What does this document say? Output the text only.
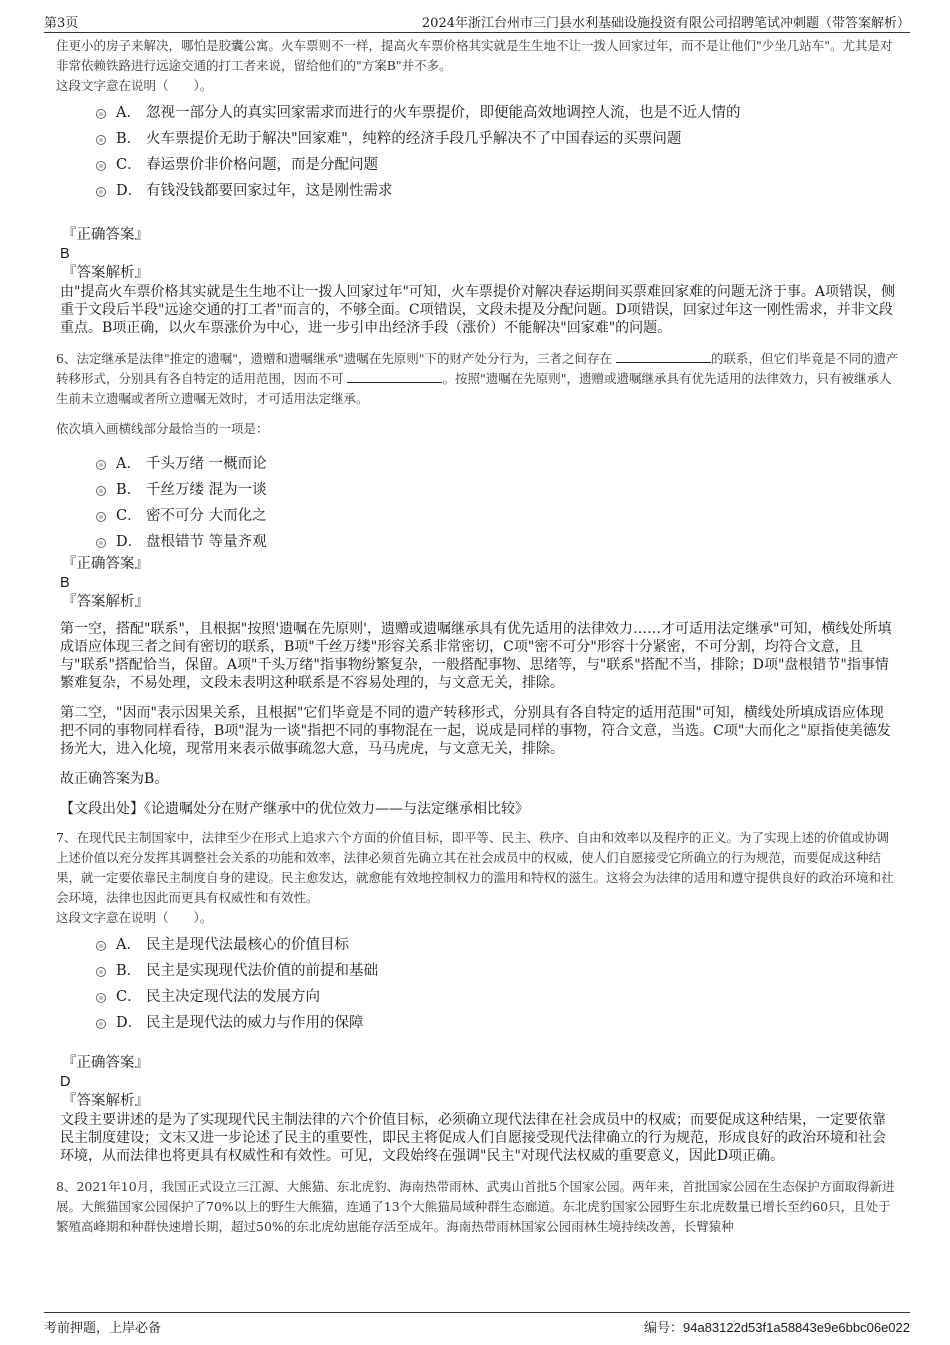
第3页	2024年浙江台州市三门县水利基础设施投资有限公司招聘笔试冲刺题（带答案解析）

住更小的房子来解决，哪怕是胶囊公寓。火车票则不一样，提高火车票价格其实就是生生地不让一拨人回家过年，而不是让他们"少坐几站车"。尤其是对非常依赖铁路进行远途交通的打工者来说，留给他们的"方案B"并不多。

这段文字意在说明（　　）。

A． 忽视一部分人的真实回家需求而进行的火车票提价，即便能高效地调控人流，也是不近人情的
B． 火车票提价无助于解决"回家难"，纯粹的经济手段几乎解决不了中国春运的买票问题
C． 春运票价非价格问题，而是分配问题
D． 有钱没钱都要回家过年，这是刚性需求

『正确答案』

B

『答案解析』

由"提高火车票价格其实就是生生地不让一拨人回家过年"可知，火车票提价对解决春运期间买票难回家难的问题无济于事。A项错误，侧重于文段后半段"远途交通的打工者"而言的，不够全面。C项错误，文段未提及分配问题。D项错误，回家过年这一刚性需求，并非文段重点。B项正确，以火车票涨价为中心，进一步引申出经济手段（涨价）不能解决"回家难"的问题。

6、法定继承是法律"推定的遗嘱"，遗赠和遗嘱继承"遗嘱在先原则"下的财产处分行为，三者之间存在	的联系，但它们毕竟是不同的遗产转移形式，分别具有各自特定的适用范围，因而不可	。按照"遗嘱在先原则"，遗赠或遗嘱继承具有优先适用的法律效力，只有被继承人生前未立遗嘱或者所立遗嘱无效时，才可适用法定继承。

依次填入画横线部分最恰当的一项是：

A． 千头万绪 一概而论
B． 千丝万缕 混为一谈
C． 密不可分 大而化之
D． 盘根错节 等量齐观

『正确答案』

B

『答案解析』

第一空，搭配"联系"，且根据"按照'遗嘱在先原则'，遗赠或遗嘱继承具有优先适用的法律效力……才可适用法定继承"可知，横线处所填成语应体现三者之间有密切的联系，B项"千丝万缕"形容关系非常密切，C项"密不可分"形容十分紧密，不可分割，均符合文意，且与"联系"搭配恰当，保留。A项"千头万绪"指事物纷繁复杂，一般搭配事物、思绪等，与"联系"搭配不当，排除；D项"盘根错节"指事情繁难复杂，不易处理，文段未表明这种联系是不容易处理的，与文意无关，排除。

第二空，"因而"表示因果关系，且根据"它们毕竟是不同的遗产转移形式，分别具有各自特定的适用范围"可知，横线处所填成语应体现把不同的事物同样看待，B项"混为一谈"指把不同的事物混在一起，说成是同样的事物，符合文意，当选。C项"大而化之"原指使美德发扬光大，进入化境，现常用来表示做事疏忽大意，马马虎虎，与文意无关，排除。

故正确答案为B。

【文段出处】《论遗嘱处分在财产继承中的优位效力——与法定继承相比较》

7、在现代民主制国家中，法律至少在形式上追求六个方面的价值目标，即平等、民主、秩序、自由和效率以及程序的正义。为了实现上述的价值或协调上述价值以充分发挥其调整社会关系的功能和效率，法律必须首先确立其在社会成员中的权威，使人们自愿接受它所确立的行为规范，而要促成这种结果，就一定要依靠民主制度自身的建设。民主愈发达，就愈能有效地控制权力的滥用和特权的滋生。这将会为法律的适用和遵守提供良好的政治环境和社会环境，法律也因此而更具有权威性和有效性。

这段文字意在说明（　　）。

A． 民主是现代法最核心的价值目标
B． 民主是实现现代法价值的前提和基础
C． 民主决定现代法的发展方向
D． 民主是现代法的威力与作用的保障

『正确答案』

D

『答案解析』

文段主要讲述的是为了实现现代民主制法律的六个价值目标，必须确立现代法律在社会成员中的权威；而要促成这种结果，一定要依靠民主制度建设；文末又进一步论述了民主的重要性，即民主将促成人们自愿接受现代法律确立的行为规范，形成良好的政治环境和社会环境，从而法律也将更具有权威性和有效性。可见，文段始终在强调"民主"对现代法权威的重要意义，因此D项正确。

8、2021年10月，我国正式设立三江源、大熊猫、东北虎豹、海南热带雨林、武夷山首批5个国家公园。两年来，首批国家公园在生态保护方面取得新进展。大熊猫国家公园保护了70%以上的野生大熊猫，连通了13个大熊猫局域种群生态廊道。东北虎豹国家公园野生东北虎数量已增长至约60只，且处于繁殖高峰期和种群快速增长期，超过50%的东北虎幼崽能存活至成年。海南热带雨林国家公园雨林生境持续改善，长臂猿种

考前押题，上岸必备	编号：94a83122d53f1a58843e9e6bbc06e022
